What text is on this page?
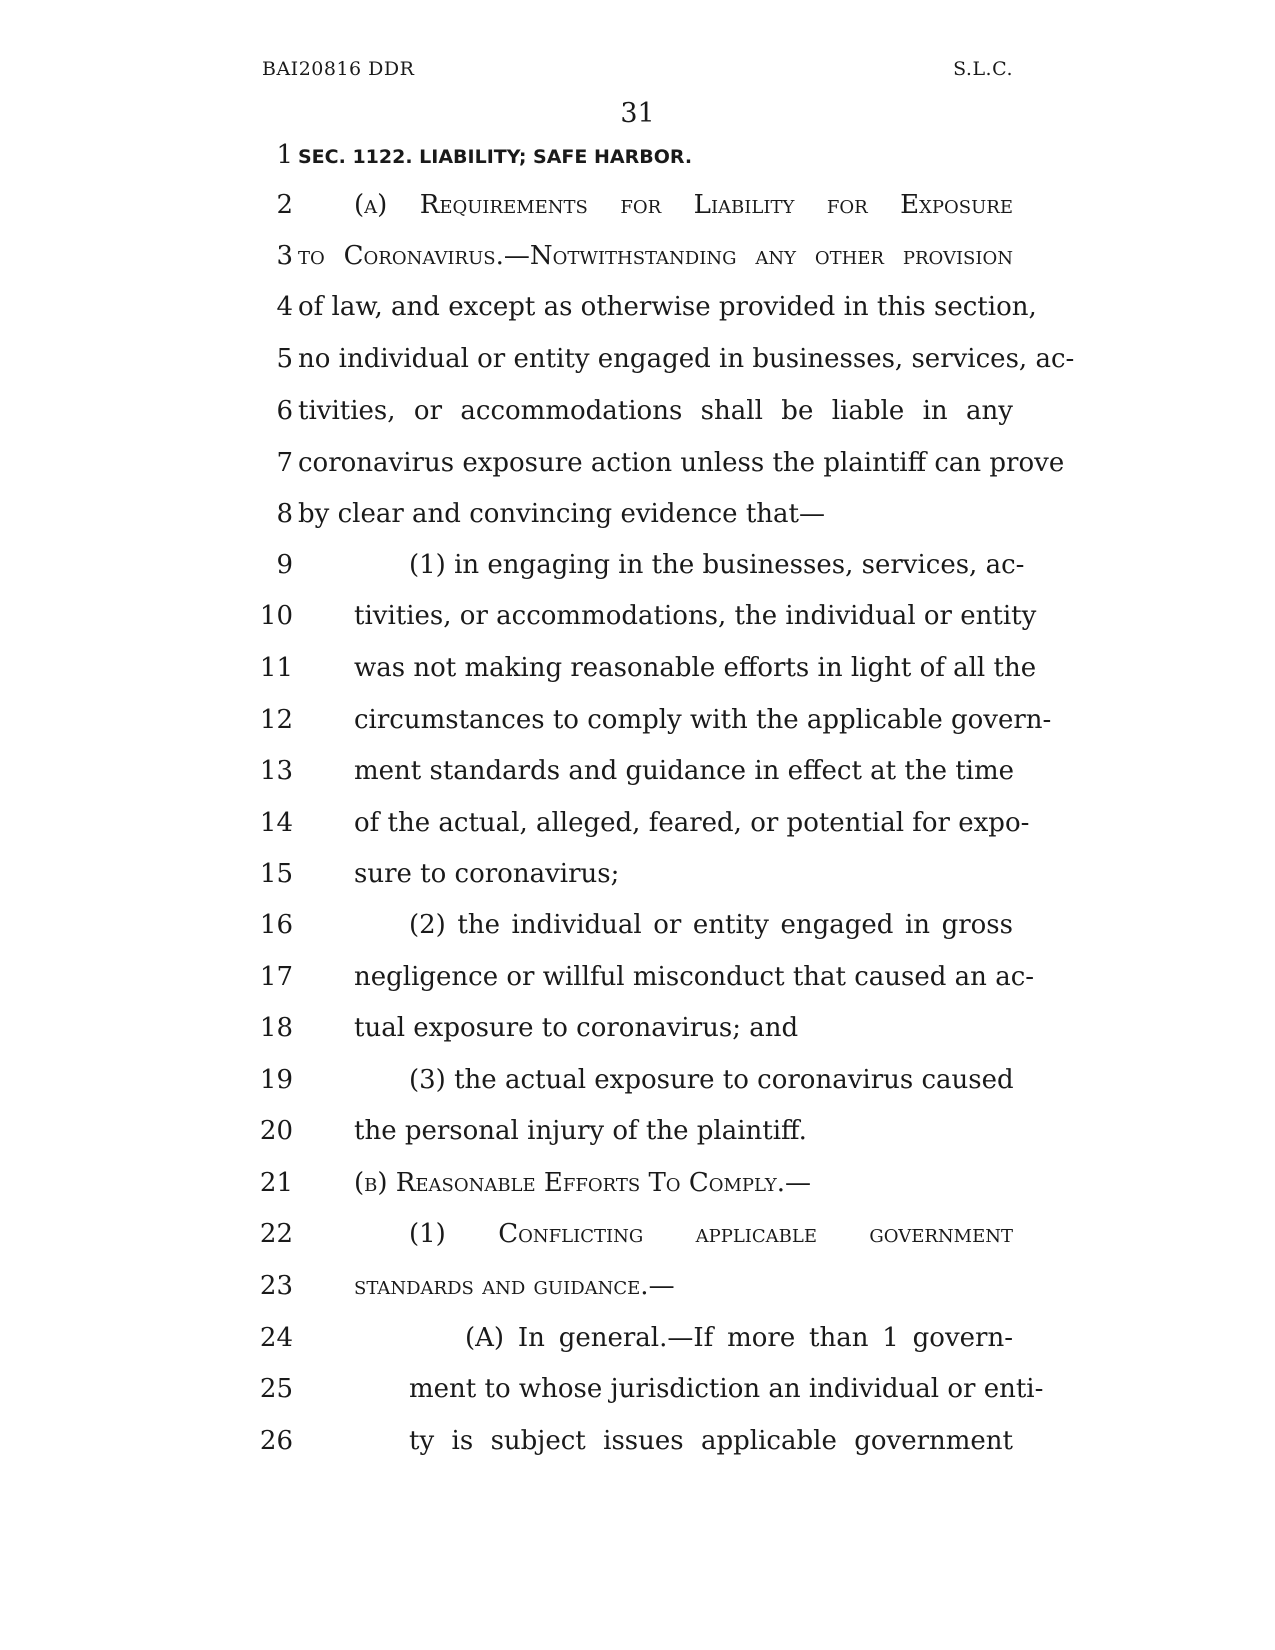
BAI20816 DDR	S.L.C.
31
1 SEC. 1122. LIABILITY; SAFE HARBOR.
2 (a) Requirements for Liability for Exposure
3 to Coronavirus.—Notwithstanding any other provision
4 of law, and except as otherwise provided in this section,
5 no individual or entity engaged in businesses, services, ac-
6 tivities, or accommodations shall be liable in any
7 coronavirus exposure action unless the plaintiff can prove
8 by clear and convincing evidence that—
9	(1) in engaging in the businesses, services, ac-
10 tivities, or accommodations, the individual or entity
11 was not making reasonable efforts in light of all the
12 circumstances to comply with the applicable govern-
13 ment standards and guidance in effect at the time
14 of the actual, alleged, feared, or potential for expo-
15 sure to coronavirus;
16	(2) the individual or entity engaged in gross
17 negligence or willful misconduct that caused an ac-
18 tual exposure to coronavirus; and
19	(3) the actual exposure to coronavirus caused
20 the personal injury of the plaintiff.
21 (b) Reasonable Efforts To Comply.—
22	(1) Conflicting applicable government
23 standards and guidance.—
24	(A) In general.—If more than 1 govern-
25	ment to whose jurisdiction an individual or enti-
26	ty is subject issues applicable government
